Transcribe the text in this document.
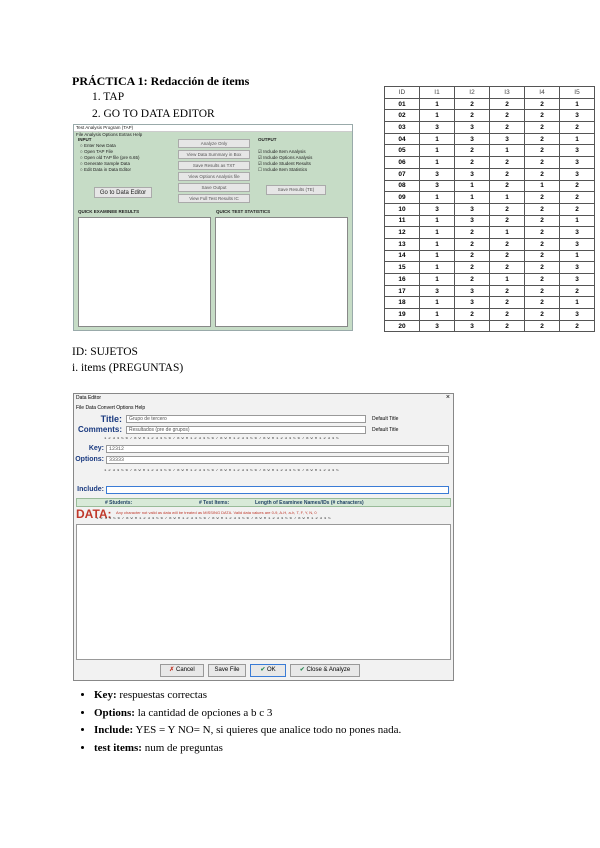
PRÁCTICA 1: Redacción de ítems
1. TAP
2. GO TO DATA EDITOR
Test Analysis Program (TAP)
File Analysis Options Extras Help
INPUT
○ Enter New Data
○ Open TAP File
○ Open old TAP file (pre 6.65)
○ Generate Sample Data
○ Edit Data in Data Editor
Go to Data Editor
Analyze Only
View Data Summary in Box
Save Results as TXT
View Options Analysis file
Save Output
View Full Test Results IC
OUTPUT
☑ Include Item Analysis
☑ Include Options Analysis
☑ Include Student Results
☐ Include Item Statistics
Save Results (TE)
QUICK EXAMINEE RESULTS	QUICK TEST STATISTICS
ID	I1	I2	I3	I4	I5
01	1	2	2	2	1
02	1	2	2	2	3
03	3	3	2	2	2
04	1	3	3	2	1
05	1	2	1	2	3
06	1	2	2	2	3
07	3	3	2	2	3
08	3	1	2	1	2
09	1	1	1	2	2
10	3	3	2	2	2
11	1	3	2	2	1
12	1	2	1	2	3
13	1	2	2	2	3
14	1	2	2	2	1
15	1	2	2	2	3
16	1	2	1	2	3
17	3	3	2	2	2
18	1	3	2	2	1
19	1	2	2	2	3
20	3	3	2	2	2
ID: SUJETOS
i. items (PREGUNTAS)
Data Editor	×
File Data Convert Options Help
Title:	Grupo de tercero	Default Title
Comments:	Resultados (pre de grupos)	Default Title
1234567890123456789012345678901234567890123456789012345
Key:	12312
Options:	33333
1234567890123456789012345678901234567890123456789012345
Include:
# Students:	# Test Items:	Length of Examinee Names/IDs (# characters)
DATA: Any character not valid as data will be treated as MISSING DATA. Valid data values are 0-9, A-H, a-h, T, F, Y, N, 0
1234567890123456789012345678901234567890123456789012345
✗ Cancel	Save File	✔ OK	✔ Close & Analyze
• Key: respuestas correctas
• Options: la cantidad de opciones a b c 3
• Include: YES = Y NO= N, si quieres que analice todo no pones nada.
• test items: num de preguntas
